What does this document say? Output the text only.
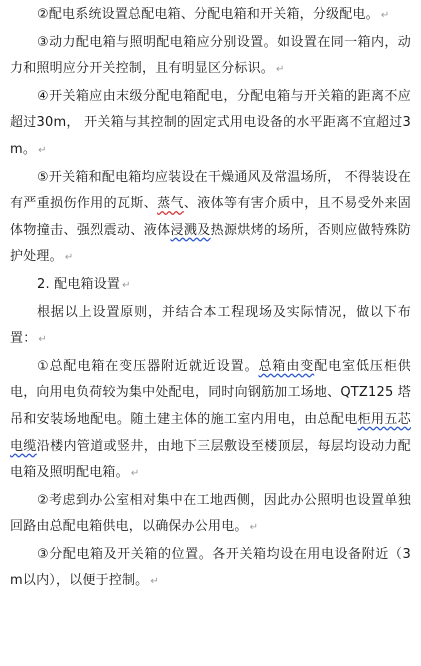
②配电系统设置总配电箱、分配电箱和开关箱，分级配电。 ↵

③动力配电箱与照明配电箱应分别设置。如设置在同一箱内，动力和照明应分开关控制，且有明显区分标识。 ↵

④开关箱应由末级分配电箱配电，分配电箱与开关箱的距离不应超过30m， 开关箱与其控制的固定式用电设备的水平距离不宜超过3m。 ↵

⑤开关箱和配电箱均应装设在干燥通风及常温场所， 不得装设在有严重损伤作用的瓦斯、蒸气、液体等有害介质中，且不易受外来固体物撞击、强烈震动、液体浸溅及热源烘烤的场所，否则应做特殊防护处理。 ↵

2. 配电箱设置 ↵

根据以上设置原则，并结合本工程现场及实际情况，做以下布置： ↵

①总配电箱在变压器附近就近设置。总箱由变配电室低压柜供电，向用电负荷较为集中处配电，同时向钢筋加工场地、QTZ125 塔吊和安装场地配电。随土建主体的施工室内用电，由总配电柜用五芯电缆沿楼内管道或竖井，由地下三层敷设至楼顶层，每层均设动力配电箱及照明配电箱。 ↵

②考虑到办公室相对集中在工地西侧，因此办公照明也设置单独回路由总配电箱供电，以确保办公用电。 ↵

③分配电箱及开关箱的位置。各开关箱均设在用电设备附近（3m以内），以便于控制。 ↵
